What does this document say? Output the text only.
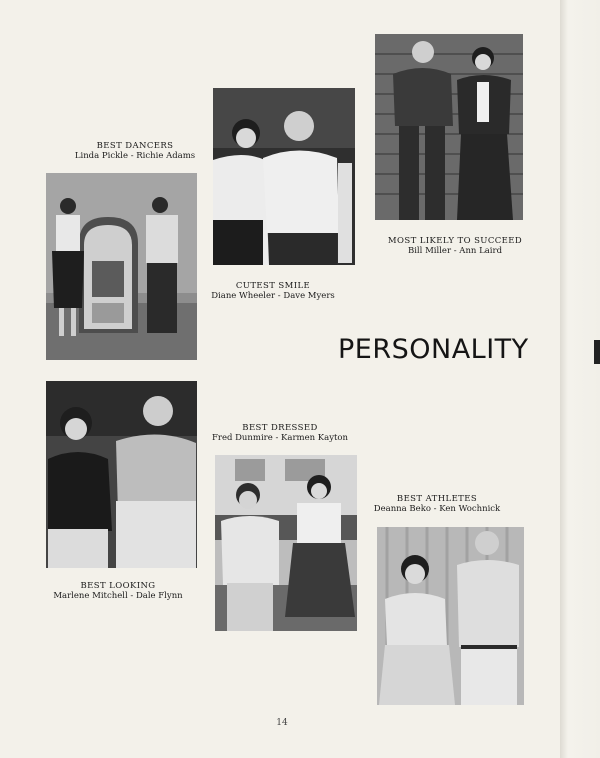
BEST DANCERS
Linda Pickle - Richie Adams
CUTEST SMILE
Diane Wheeler - Dave Myers
MOST LIKELY TO SUCCEED
Bill Miller - Ann Laird
PERSONALITY
BEST LOOKING
Marlene Mitchell - Dale Flynn
BEST DRESSED
Fred Dunmire - Karmen Kayton
BEST ATHLETES
Deanna Beko - Ken Wochnick
14
